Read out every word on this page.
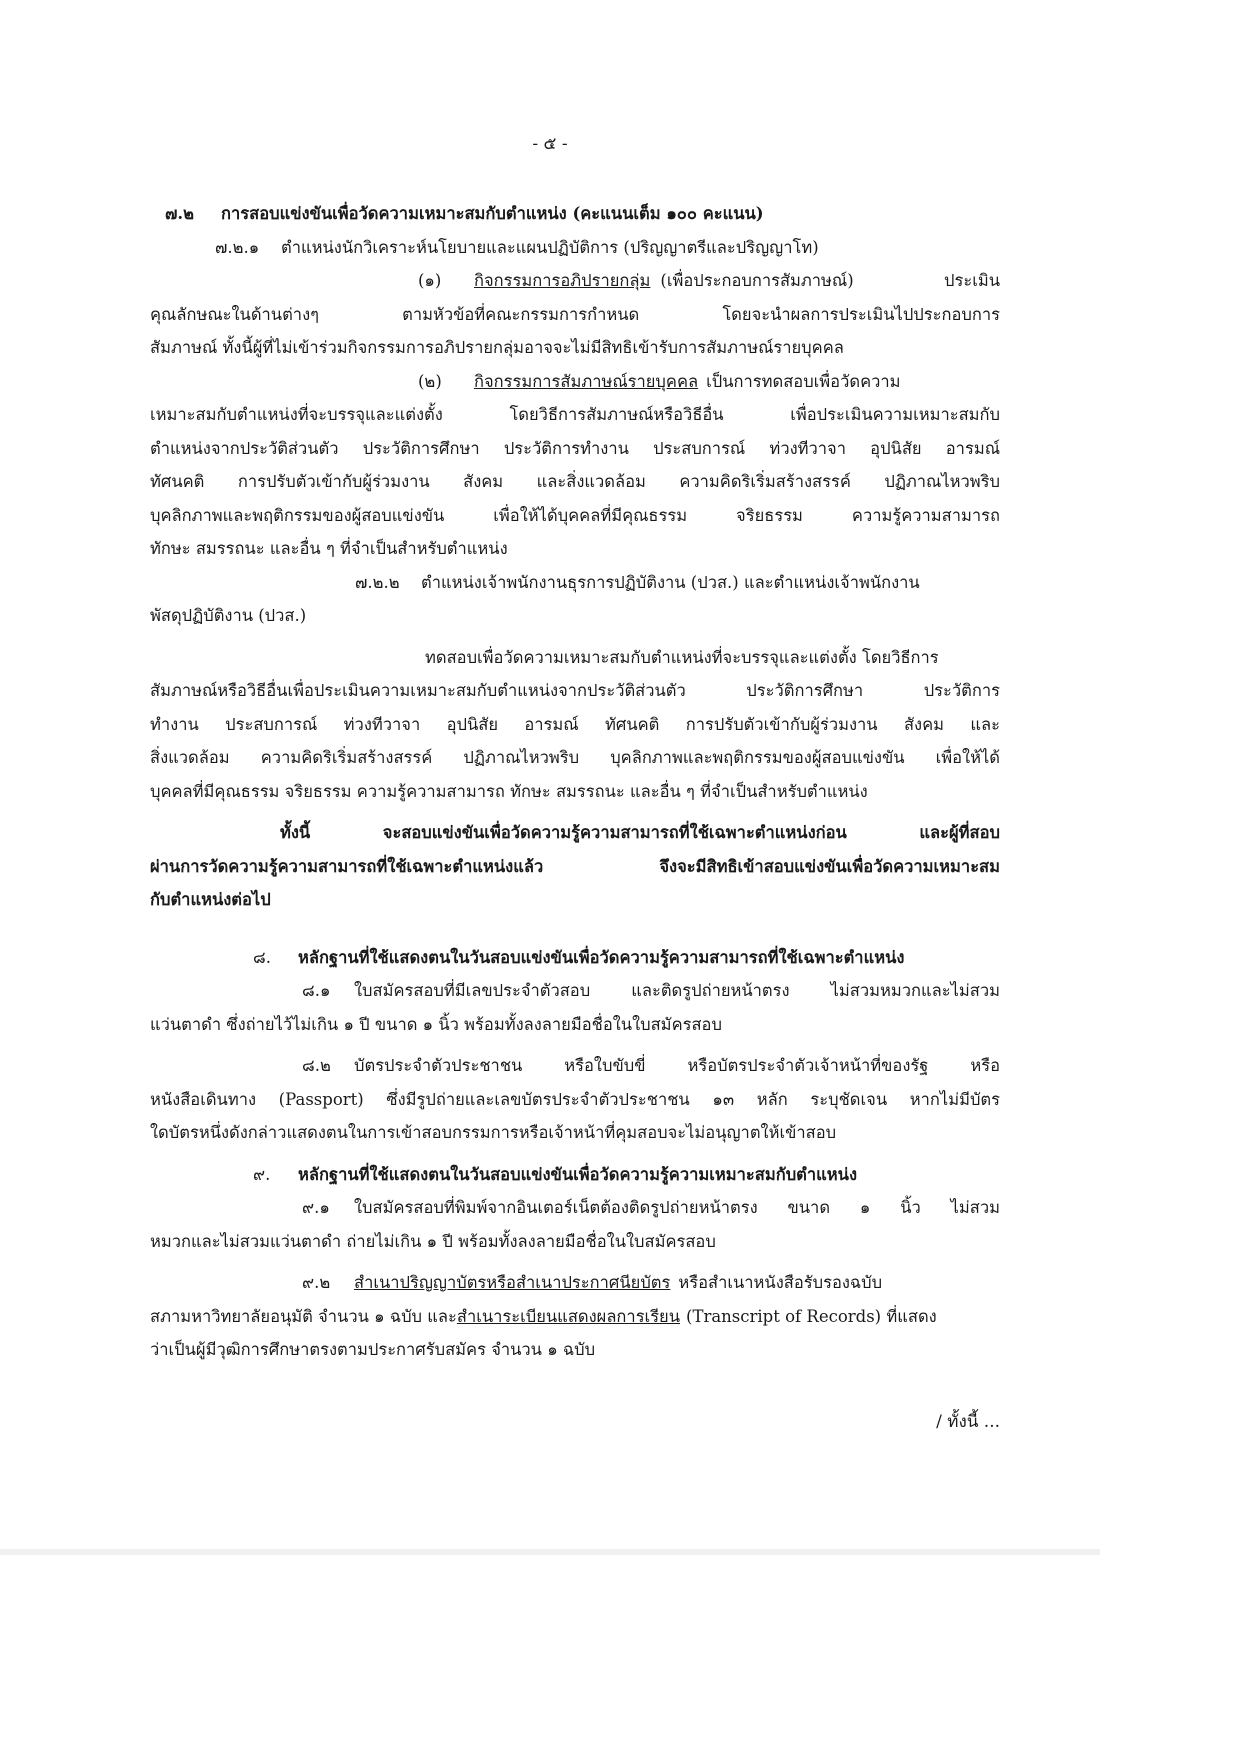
- ๕ -
๗.๒	การสอบแข่งขันเพื่อวัดความเหมาะสมกับตำแหน่ง (คะแนนเต็ม ๑๐๐ คะแนน)
๗.๒.๑	ตำแหน่งนักวิเคราะห์นโยบายและแผนปฏิบัติการ (ปริญญาตรีและปริญญาโท)
(๑)	กิจกรรมการอภิปรายกลุ่ม (เพื่อประกอบการสัมภาษณ์) ประเมิน
คุณลักษณะในด้านต่างๆ ตามหัวข้อที่คณะกรรมการกำหนด โดยจะนำผลการประเมินไปประกอบการ
สัมภาษณ์ ทั้งนี้ผู้ที่ไม่เข้าร่วมกิจกรรมการอภิปรายกลุ่มอาจจะไม่มีสิทธิเข้ารับการสัมภาษณ์รายบุคคล
(๒)	กิจกรรมการสัมภาษณ์รายบุคคล เป็นการทดสอบเพื่อวัดความ
เหมาะสมกับตำแหน่งที่จะบรรจุและแต่งตั้ง โดยวิธีการสัมภาษณ์หรือวิธีอื่น เพื่อประเมินความเหมาะสมกับ
ตำแหน่งจากประวัติส่วนตัว ประวัติการศึกษา ประวัติการทำงาน ประสบการณ์ ท่วงทีวาจา อุปนิสัย อารมณ์
ทัศนคติ การปรับตัวเข้ากับผู้ร่วมงาน สังคม และสิ่งแวดล้อม ความคิดริเริ่มสร้างสรรค์ ปฏิภาณไหวพริบ
บุคลิกภาพและพฤติกรรมของผู้สอบแข่งขัน เพื่อให้ได้บุคคลที่มีคุณธรรม จริยธรรม ความรู้ความสามารถ
ทักษะ สมรรถนะ และอื่น ๆ ที่จำเป็นสำหรับตำแหน่ง
๗.๒.๒	ตำแหน่งเจ้าพนักงานธุรการปฏิบัติงาน (ปวส.) และตำแหน่งเจ้าพนักงาน
พัสดุปฏิบัติงาน (ปวส.)
ทดสอบเพื่อวัดความเหมาะสมกับตำแหน่งที่จะบรรจุและแต่งตั้ง โดยวิธีการ
สัมภาษณ์หรือวิธีอื่นเพื่อประเมินความเหมาะสมกับตำแหน่งจากประวัติส่วนตัว ประวัติการศึกษา ประวัติการ
ทำงาน ประสบการณ์ ท่วงทีวาจา อุปนิสัย อารมณ์ ทัศนคติ การปรับตัวเข้ากับผู้ร่วมงาน สังคม และ
สิ่งแวดล้อม ความคิดริเริ่มสร้างสรรค์ ปฏิภาณไหวพริบ บุคลิกภาพและพฤติกรรมของผู้สอบแข่งขัน เพื่อให้ได้
บุคคลที่มีคุณธรรม จริยธรรม ความรู้ความสามารถ ทักษะ สมรรถนะ และอื่น ๆ ที่จำเป็นสำหรับตำแหน่ง
ทั้งนี้ จะสอบแข่งขันเพื่อวัดความรู้ความสามารถที่ใช้เฉพาะตำแหน่งก่อน และผู้ที่สอบ
ผ่านการวัดความรู้ความสามารถที่ใช้เฉพาะตำแหน่งแล้ว จึงจะมีสิทธิเข้าสอบแข่งขันเพื่อวัดความเหมาะสม
กับตำแหน่งต่อไป
๘.	หลักฐานที่ใช้แสดงตนในวันสอบแข่งขันเพื่อวัดความรู้ความสามารถที่ใช้เฉพาะตำแหน่ง
๘.๑	ใบสมัครสอบที่มีเลขประจำตัวสอบ และติดรูปถ่ายหน้าตรง ไม่สวมหมวกและไม่สวม
แว่นตาดำ ซึ่งถ่ายไว้ไม่เกิน ๑ ปี ขนาด ๑ นิ้ว พร้อมทั้งลงลายมือชื่อในใบสมัครสอบ
๘.๒	บัตรประจำตัวประชาชน หรือใบขับขี่ หรือบัตรประจำตัวเจ้าหน้าที่ของรัฐ หรือ
หนังสือเดินทาง (Passport) ซึ่งมีรูปถ่ายและเลขบัตรประจำตัวประชาชน ๑๓ หลัก ระบุชัดเจน หากไม่มีบัตร
ใดบัตรหนึ่งดังกล่าวแสดงตนในการเข้าสอบกรรมการหรือเจ้าหน้าที่คุมสอบจะไม่อนุญาตให้เข้าสอบ
๙.	หลักฐานที่ใช้แสดงตนในวันสอบแข่งขันเพื่อวัดความรู้ความเหมาะสมกับตำแหน่ง
๙.๑	ใบสมัครสอบที่พิมพ์จากอินเตอร์เน็ตต้องติดรูปถ่ายหน้าตรง ขนาด ๑ นิ้ว ไม่สวม
หมวกและไม่สวมแว่นตาดำ ถ่ายไม่เกิน ๑ ปี พร้อมทั้งลงลายมือชื่อในใบสมัครสอบ
๙.๒	สำเนาปริญญาบัตรหรือสำเนาประกาศนียบัตร หรือสำเนาหนังสือรับรองฉบับ
สภามหาวิทยาลัยอนุมัติ จำนวน ๑ ฉบับ และ สำเนาระเบียนแสดงผลการเรียน (Transcript of Records) ที่แสดง
ว่าเป็นผู้มีวุฒิการศึกษาตรงตามประกาศรับสมัคร จำนวน ๑ ฉบับ
/ ทั้งนี้ ...
